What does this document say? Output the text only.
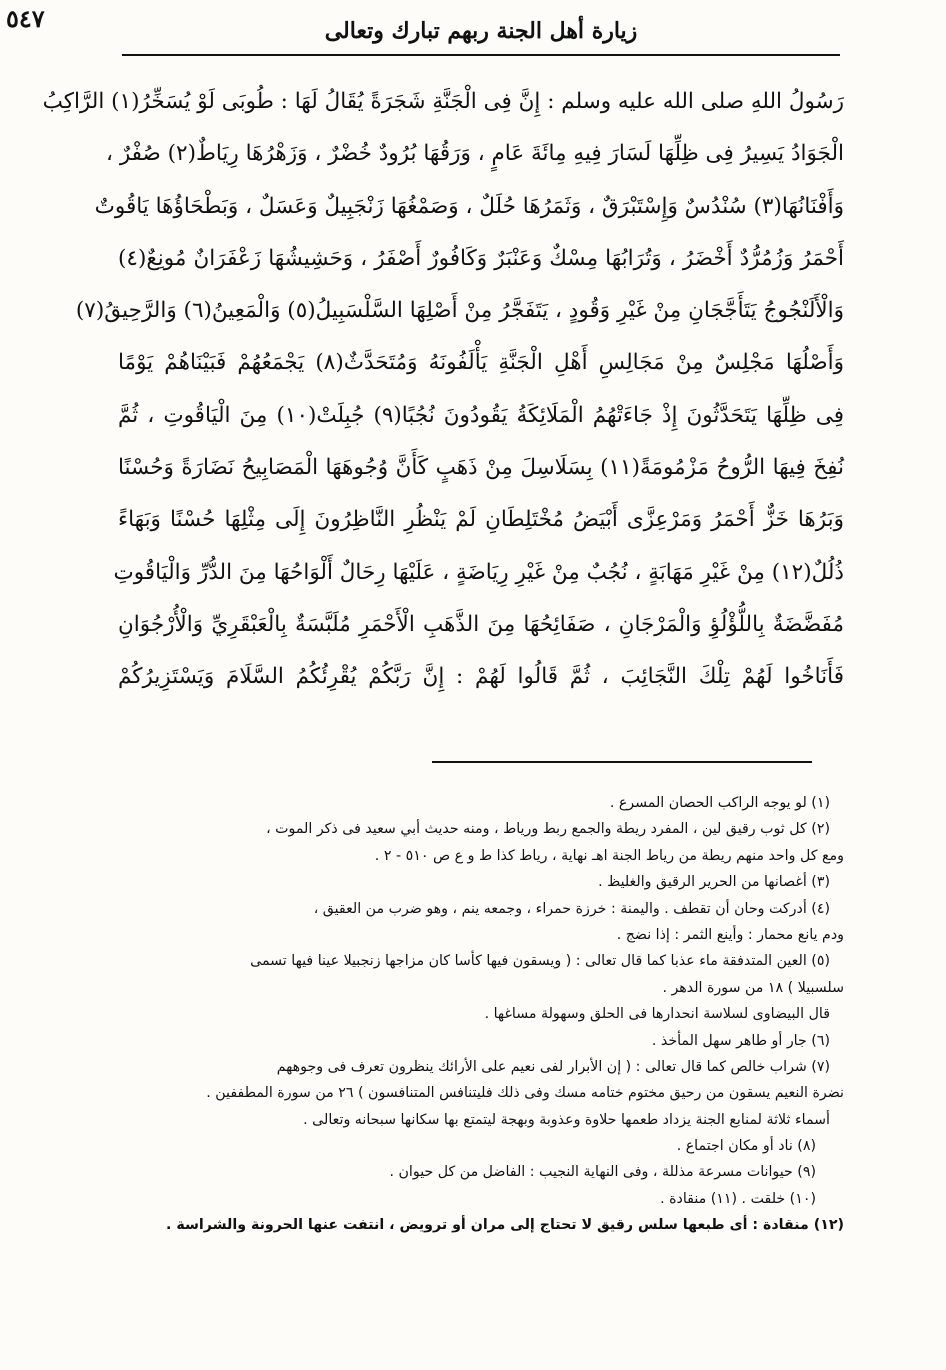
زيارة أهل الجنة ربهم تبارك وتعالى
٥٤٧
رَسُولُ اللهِ صلى الله عليه وسلم : إِنَّ فِى الْجَنَّةِ شَجَرَةً يُقَالُ لَهَا : طُوبَى لَوْ يُسَخِّرُ(١) الرَّاكِبُ
الْجَوَادُ يَسِيرُ فِى ظِلِّهَا لَسَارَ فِيهِ مِائَةَ عَامٍ ، وَرَقُهَا بُرُودٌ خُضْرٌ ، وَزَهْرُهَا رِيَاطٌ(٢) صُفْرٌ ،
وَأَفْنَانُهَا(٣) سُنْدُسٌ وَإِسْتَبْرَقٌ ، وَثَمَرُهَا حُلَلٌ ، وَصَمْغُهَا زَنْجَبِيلٌ وَعَسَلٌ ، وَبَطْحَاؤُهَا يَاقُوتٌ
أَحْمَرُ وَزُمُرُّدٌ أَخْضَرُ ، وَتُرَابُهَا مِسْكٌ وَعَنْبَرٌ وَكَافُورٌ أَصْفَرُ ، وَحَشِيشُهَا زَعْفَرَانٌ مُونِعٌ(٤)
وَالْأَلَنْجُوجُ يَتَأَجَّجَانِ مِنْ غَيْرِ وَقُودٍ ، يَتَفَجَّرُ مِنْ أَصْلِهَا السَّلْسَبِيلُ(٥) وَالْمَعِينُ(٦) وَالرَّحِيقُ(٧)
وَأَصْلُهَا مَجْلِسٌ مِنْ مَجَالِسِ أَهْلِ الْجَنَّةِ يَأْلَفُونَهُ وَمُتَحَدَّثٌ(٨) يَجْمَعُهُمْ فَبَيْنَاهُمْ يَوْمًا
فِى ظِلِّهَا يَتَحَدَّثُونَ إِذْ جَاءَتْهُمُ الْمَلَائِكَةُ يَقُودُونَ نُجُبًا(٩) جُبِلَتْ(١٠) مِنَ الْيَاقُوتِ ، ثُمَّ
نُفِخَ فِيهَا الرُّوحُ مَزْمُومَةً(١١) بِسَلَاسِلَ مِنْ ذَهَبٍ كَأَنَّ وُجُوهَهَا الْمَصَابِيحُ نَضَارَةً وَحُسْنًا
وَبَرُهَا خَزٌّ أَحْمَرُ وَمَرْعِزَّى أَبْيَضُ مُخْتَلِطَانِ لَمْ يَنْظُرِ النَّاظِرُونَ إِلَى مِثْلِهَا حُسْنًا وَبَهَاءً
ذُلُلٌ(١٢) مِنْ غَيْرِ مَهَابَةٍ ، نُجُبٌ مِنْ غَيْرِ رِيَاضَةٍ ، عَلَيْهَا رِحَالٌ أَلْوَاحُهَا مِنَ الدُّرِّ وَالْيَاقُوتِ
مُفَضَّضَةٌ بِاللُّؤْلُؤِ وَالْمَرْجَانِ ، صَفَائِحُهَا مِنَ الذَّهَبِ الْأَحْمَرِ مُلَبَّسَةٌ بِالْعَبْقَرِيِّ وَالْأُرْجُوَانِ
فَأَنَاخُوا لَهُمْ تِلْكَ النَّجَائِبَ ، ثُمَّ قَالُوا لَهُمْ : إِنَّ رَبَّكُمْ يُقْرِئُكُمُ السَّلَامَ وَيَسْتَزِيرُكُمْ
(١) لو يوجه الراكب الحصان المسرع .
(٢) كل ثوب رقيق لين ، المفرد ريطة والجمع ربط ورياط ، ومنه حديث أبي سعيد فى ذكر الموت ،
ومع كل واحد منهم ريطة من رياط الجنة اهـ نهاية ، رياط كذا ط و ع ص ٥١٠ - ٢ .
(٣) أغصانها من الحرير الرقيق والغليظ .
(٤) أدركت وحان أن تقطف . واليمنة : خرزة حمراء ، وجمعه ينم ، وهو ضرب من العقيق ،
ودم يانع محمار : وأينع الثمر : إذا نضج .
(٥) العين المتدفقة ماء عذبا كما قال تعالى : ( ويسقون فيها كأسا كان مزاجها زنجبيلا عينا فيها تسمى
سلسبيلا ) ١٨ من سورة الدهر .
قال البيضاوى لسلاسة انحدارها فى الحلق وسهولة مساغها .
(٦) جار أو طاهر سهل المأخذ .
(٧) شراب خالص كما قال تعالى : ( إن الأبرار لفى نعيم على الأرائك ينظرون تعرف فى وجوههم
نضرة النعيم يسقون من رحيق مختوم ختامه مسك وفى ذلك فليتنافس المتنافسون ) ٢٦ من سورة المطففين .
أسماء ثلاثة لمنابع الجنة يزداد طعمها حلاوة وعذوبة وبهجة ليتمتع بها سكانها سبحانه وتعالى .
(٨) ناد أو مكان اجتماع .
(٩) حيوانات مسرعة مذللة ، وفى النهاية النجيب : الفاضل من كل حيوان .
(١٠) خلقت . (١١) منقادة .
(١٢) منقادة : أى طبعها سلس رقيق لا تحتاج إلى مران أو ترويض ، انتفت عنها الحرونة والشراسة .
